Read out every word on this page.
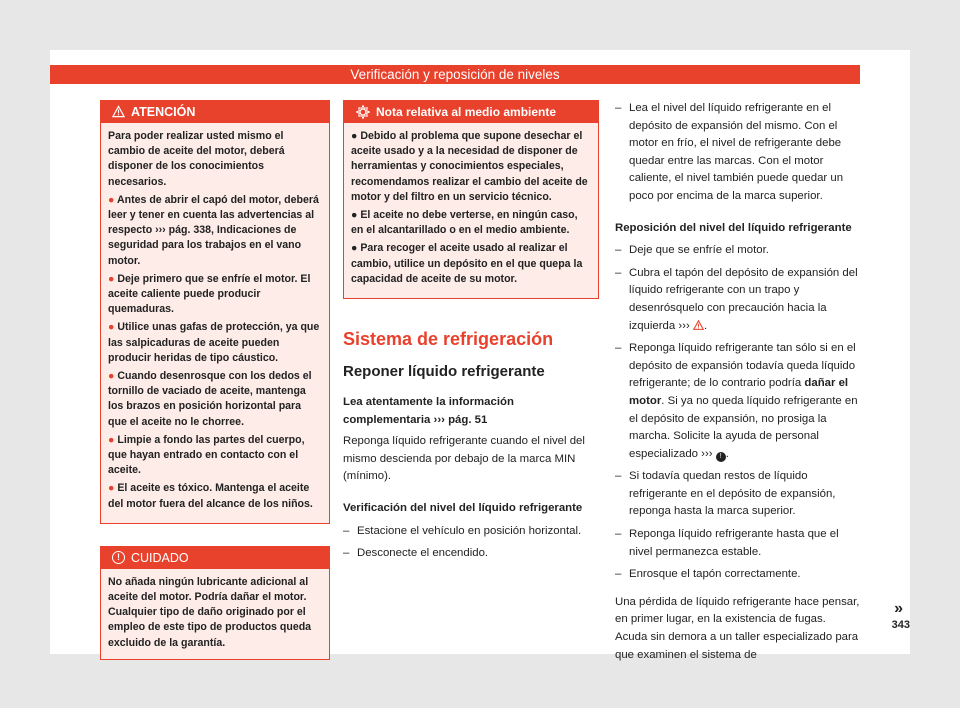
Verificación y reposición de niveles
ATENCIÓN

Para poder realizar usted mismo el cambio de aceite del motor, deberá disponer de los conocimientos necesarios.

● Antes de abrir el capó del motor, deberá leer y tener en cuenta las advertencias al respecto ››› pág. 338, Indicaciones de seguridad para los trabajos en el vano motor.

● Deje primero que se enfríe el motor. El aceite caliente puede producir quemaduras.

● Utilice unas gafas de protección, ya que las salpicaduras de aceite pueden producir heridas de tipo cáustico.

● Cuando desenrosque con los dedos el tornillo de vaciado de aceite, mantenga los brazos en posición horizontal para que el aceite no le chorree.

● Limpie a fondo las partes del cuerpo, que hayan entrado en contacto con el aceite.

● El aceite es tóxico. Mantenga el aceite del motor fuera del alcance de los niños.

! CUIDADO
No añada ningún lubricante adicional al aceite del motor. Podría dañar el motor. Cualquier tipo de daño originado por el empleo de este tipo de productos queda excluido de la garantía.
Nota relativa al medio ambiente

● Debido al problema que supone desechar el aceite usado y a la necesidad de disponer de herramientas y conocimientos especiales, recomendamos realizar el cambio del aceite de motor y del filtro en un servicio técnico.

● El aceite no debe verterse, en ningún caso, en el alcantarillado o en el medio ambiente.

● Para recoger el aceite usado al realizar el cambio, utilice un depósito en el que quepa la capacidad de aceite de su motor.

Sistema de refrigeración
Reponer líquido refrigerante
Lea atentamente la información complementaria ››› pág. 51
Reponga líquido refrigerante cuando el nivel del mismo descienda por debajo de la marca MIN (mínimo).
Verificación del nivel del líquido refrigerante
– Estacione el vehículo en posición horizontal.
– Desconecte el encendido.
– Lea el nivel del líquido refrigerante en el depósito de expansión del mismo. Con el motor en frío, el nivel de refrigerante debe quedar entre las marcas. Con el motor caliente, el nivel también puede quedar un poco por encima de la marca superior.
Reposición del nivel del líquido refrigerante
– Deje que se enfríe el motor.
– Cubra el tapón del depósito de expansión del líquido refrigerante con un trapo y desenrósquelo con precaución hacia la izquierda ››› .
– Reponga líquido refrigerante tan sólo si en el depósito de expansión todavía queda líquido refrigerante; de lo contrario podría dañar el motor. Si ya no queda líquido refrigerante en el depósito de expansión, no prosiga la marcha. Solicite la ayuda de personal especializado ››› ! .
– Si todavía quedan restos de líquido refrigerante en el depósito de expansión, reponga hasta la marca superior.
– Reponga líquido refrigerante hasta que el nivel permanezca estable.
– Enrosque el tapón correctamente.
Una pérdida de líquido refrigerante hace pensar, en primer lugar, en la existencia de fugas. Acuda sin demora a un taller especializado para que examinen el sistema de
»
343
